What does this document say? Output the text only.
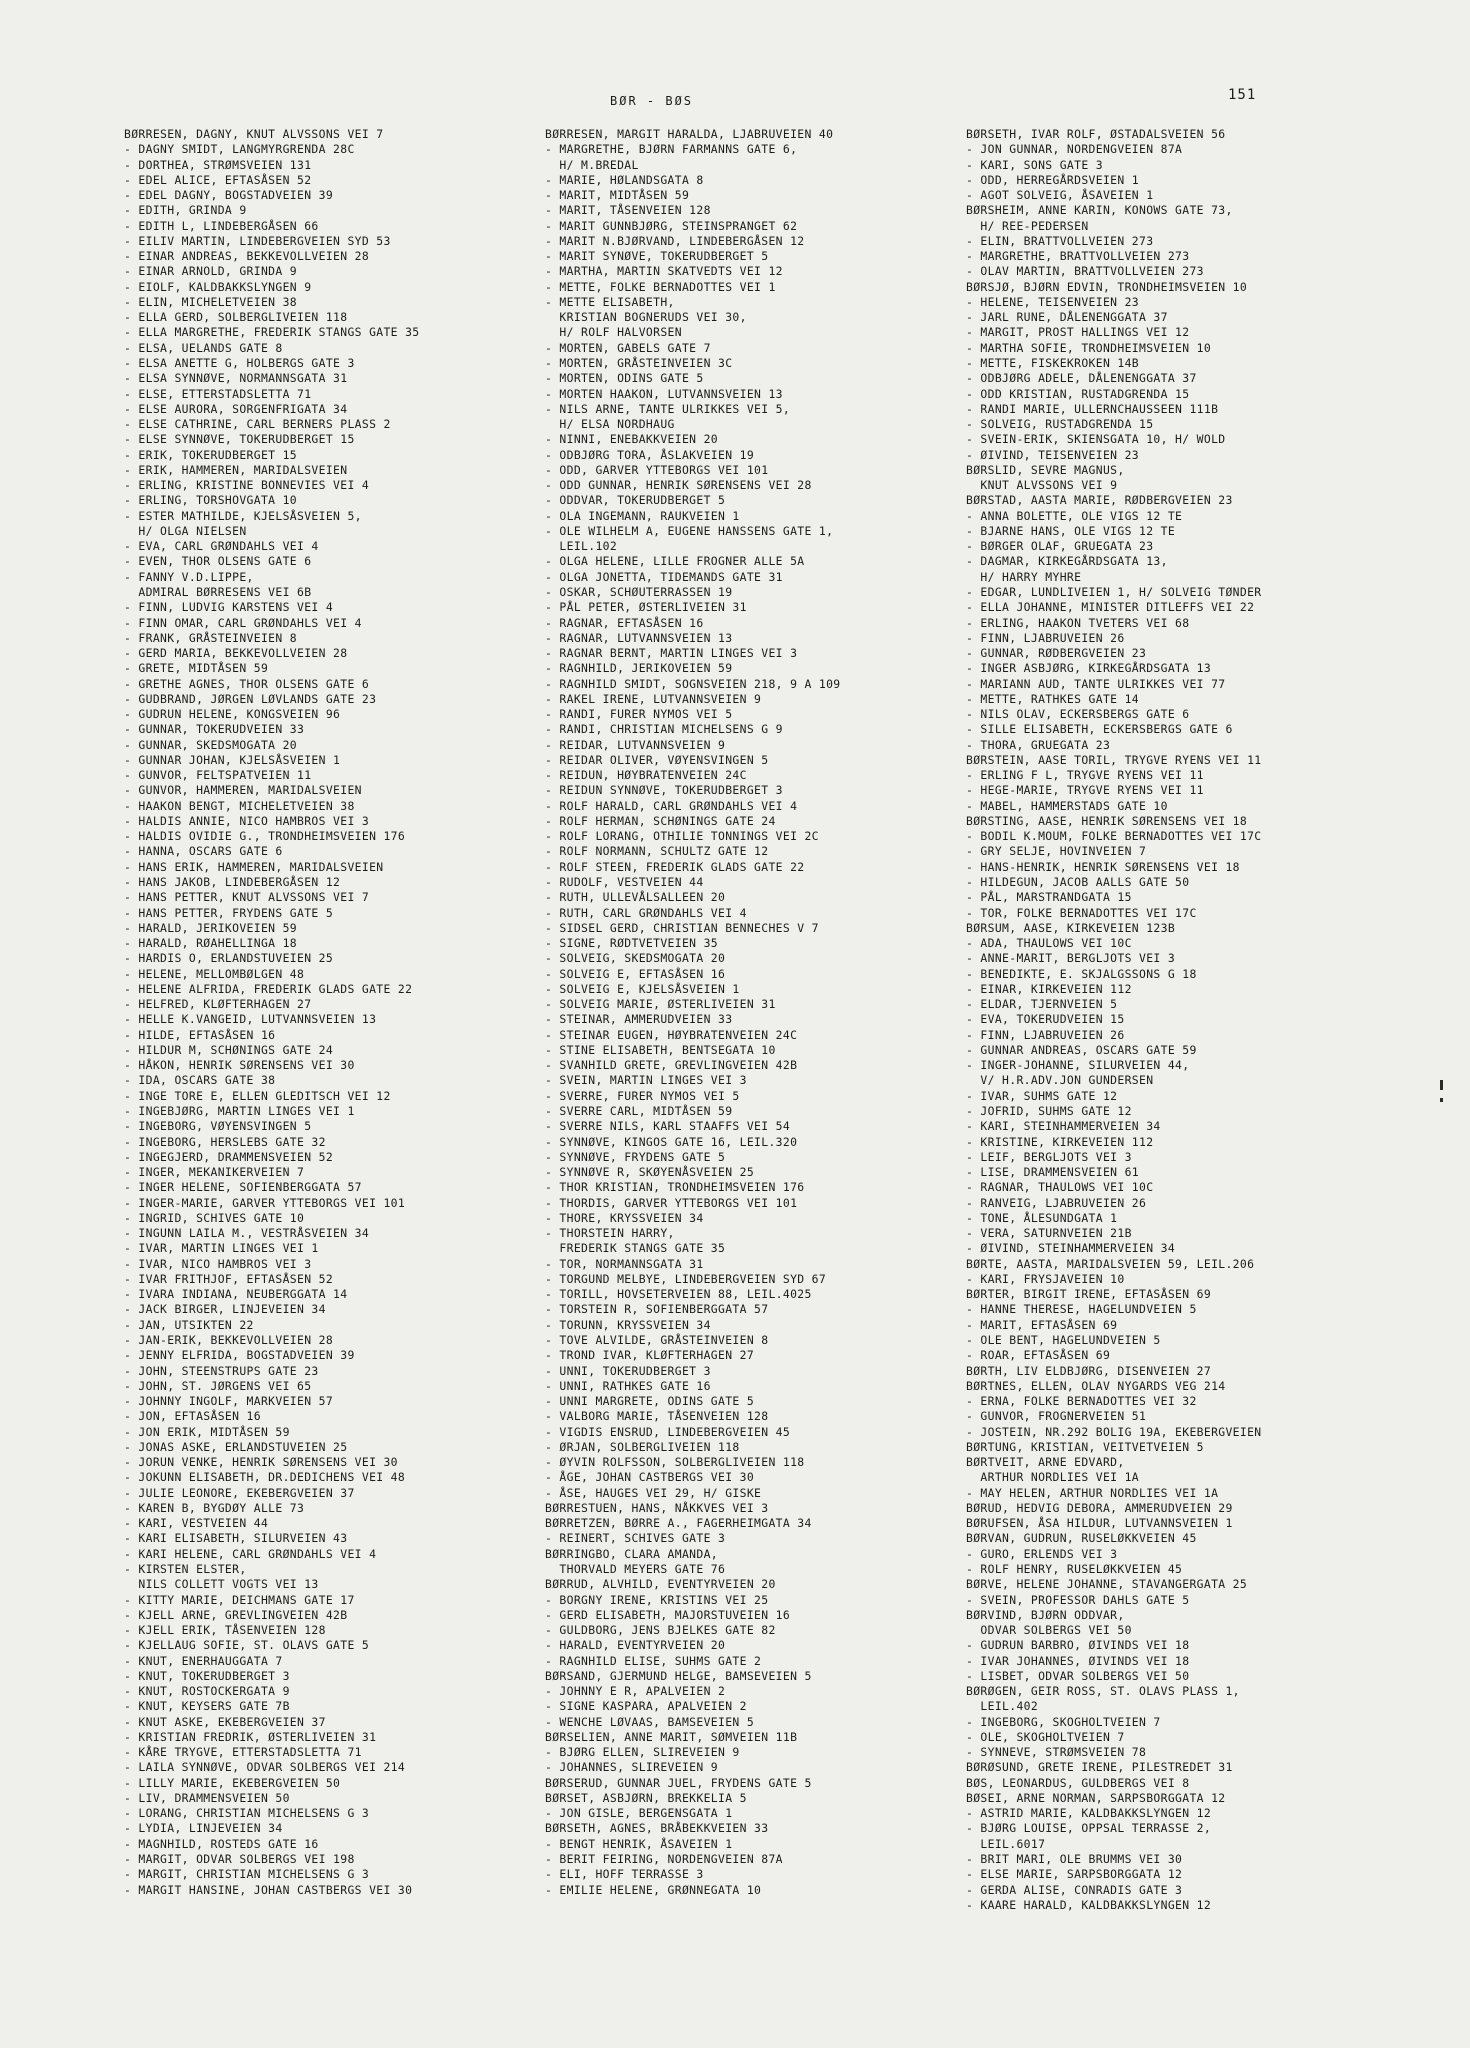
BØR - BØS	151
BØRRESEN, DAGNY, KNUT ALVSSONS VEI 7
- DAGNY SMIDT, LANGMYRGRENDA 28C
- DORTHEA, STRØMSVEIEN 131
- EDEL ALICE, EFTASÅSEN 52
- EDEL DAGNY, BOGSTADVEIEN 39
- EDITH, GRINDA 9
- EDITH L, LINDEBERGÅSEN 66
- EILIV MARTIN, LINDEBERGVEIEN SYD 53
- EINAR ANDREAS, BEKKEVOLLVEIEN 28
- EINAR ARNOLD, GRINDA 9
- EIOLF, KALDBAKKSLYNGEN 9
- ELIN, MICHELETVEIEN 38
- ELLA GERD, SOLBERGLIVEIEN 118
- ELLA MARGRETHE, FREDERIK STANGS GATE 35
- ELSA, UELANDS GATE 8
- ELSA ANETTE G, HOLBERGS GATE 3
- ELSA SYNNØVE, NORMANNSGATA 31
- ELSE, ETTERSTADSLETTA 71
- ELSE AURORA, SORGENFRIGATA 34
- ELSE CATHRINE, CARL BERNERS PLASS 2
- ELSE SYNNØVE, TOKERUDBERGET 15
- ERIK, TOKERUDBERGET 15
- ERIK, HAMMEREN, MARIDALSVEIEN
- ERLING, KRISTINE BONNEVIES VEI 4
- ERLING, TORSHOVGATA 10
- ESTER MATHILDE, KJELSÅSVEIEN 5,
H/ OLGA NIELSEN
- EVA, CARL GRØNDAHLS VEI 4
- EVEN, THOR OLSENS GATE 6
- FANNY V.D.LIPPE,
ADMIRAL BØRRESENS VEI 6B
- FINN, LUDVIG KARSTENS VEI 4
- FINN OMAR, CARL GRØNDAHLS VEI 4
- FRANK, GRÅSTEINVEIEN 8
- GERD MARIA, BEKKEVOLLVEIEN 28
- GRETE, MIDTÅSEN 59
- GRETHE AGNES, THOR OLSENS GATE 6
- GUDBRAND, JØRGEN LØVLANDS GATE 23
- GUDRUN HELENE, KONGSVEIEN 96
- GUNNAR, TOKERUDVEIEN 33
- GUNNAR, SKEDSMOGATA 20
- GUNNAR JOHAN, KJELSÅSVEIEN 1
- GUNVOR, FELTSPATVEIEN 11
- GUNVOR, HAMMEREN, MARIDALSVEIEN
- HAAKON BENGT, MICHELETVEIEN 38
- HALDIS ANNIE, NICO HAMBROS VEI 3
- HALDIS OVIDIE G., TRONDHEIMSVEIEN 176
- HANNA, OSCARS GATE 6
- HANS ERIK, HAMMEREN, MARIDALSVEIEN
- HANS JAKOB, LINDEBERGÅSEN 12
- HANS PETTER, KNUT ALVSSONS VEI 7
- HANS PETTER, FRYDENS GATE 5
- HARALD, JERIKOVEIEN 59
- HARALD, RØAHELLINGA 18
- HARDIS O, ERLANDSTUVEIEN 25
- HELENE, MELLOMBØLGEN 48
- HELENE ALFRIDA, FREDERIK GLADS GATE 22
- HELFRED, KLØFTERHAGEN 27
- HELLE K.VANGEID, LUTVANNSVEIEN 13
- HILDE, EFTASÅSEN 16
- HILDUR M, SCHØNINGS GATE 24
- HÅKON, HENRIK SØRENSENS VEI 30
- IDA, OSCARS GATE 38
- INGE TORE E, ELLEN GLEDITSCH VEI 12
- INGEBJØRG, MARTIN LINGES VEI 1
- INGEBORG, VØYENSVINGEN 5
- INGEBORG, HERSLEBS GATE 32
- INGEGJERD, DRAMMENSVEIEN 52
- INGER, MEKANIKERVEIEN 7
- INGER HELENE, SOFIENBERGGATA 57
- INGER-MARIE, GARVER YTTEBORGS VEI 101
- INGRID, SCHIVES GATE 10
- INGUNN LAILA M., VESTRÅSVEIEN 34
- IVAR, MARTIN LINGES VEI 1
- IVAR, NICO HAMBROS VEI 3
- IVAR FRITHJOF, EFTASÅSEN 52
- IVARA INDIANA, NEUBERGGATA 14
- JACK BIRGER, LINJEVEIEN 34
- JAN, UTSIKTEN 22
- JAN-ERIK, BEKKEVOLLVEIEN 28
- JENNY ELFRIDA, BOGSTADVEIEN 39
- JOHN, STEENSTRUPS GATE 23
- JOHN, ST. JØRGENS VEI 65
- JOHNNY INGOLF, MARKVEIEN 57
- JON, EFTASÅSEN 16
- JON ERIK, MIDTÅSEN 59
- JONAS ASKE, ERLANDSTUVEIEN 25
- JORUN VENKE, HENRIK SØRENSENS VEI 30
- JOKUNN ELISABETH, DR.DEDICHENS VEI 48
- JULIE LEONORE, EKEBERGVEIEN 37
- KAREN B, BYGDØY ALLE 73
- KARI, VESTVEIEN 44
- KARI ELISABETH, SILURVEIEN 43
- KARI HELENE, CARL GRØNDAHLS VEI 4
- KIRSTEN ELSTER,
NILS COLLETT VOGTS VEI 13
- KITTY MARIE, DEICHMANS GATE 17
- KJELL ARNE, GREVLINGVEIEN 42B
- KJELL ERIK, TÅSENVEIEN 128
- KJELLAUG SOFIE, ST. OLAVS GATE 5
- KNUT, ENERHAUGGATA 7
- KNUT, TOKERUDBERGET 3
- KNUT, ROSTOCKERGATA 9
- KNUT, KEYSERS GATE 7B
- KNUT ASKE, EKEBERGVEIEN 37
- KRISTIAN FREDRIK, ØSTERLIVEIEN 31
- KÅRE TRYGVE, ETTERSTADSLETTA 71
- LAILA SYNNØVE, ODVAR SOLBERGS VEI 214
- LILLY MARIE, EKEBERGVEIEN 50
- LIV, DRAMMENSVEIEN 50
- LORANG, CHRISTIAN MICHELSENS G 3
- LYDIA, LINJEVEIEN 34
- MAGNHILD, ROSTEDS GATE 16
- MARGIT, ODVAR SOLBERGS VEI 198
- MARGIT, CHRISTIAN MICHELSENS G 3
- MARGIT HANSINE, JOHAN CASTBERGS VEI 30
BØRRESEN, MARGIT HARALDA, LJABRUVEIEN 40
- MARGRETHE, BJØRN FARMANNS GATE 6,
H/ M.BREDAL
- MARIE, HØLANDSGATA 8
- MARIT, MIDTÅSEN 59
- MARIT, TÅSENVEIEN 128
- MARIT GUNNBJØRG, STEINSPRANGET 62
- MARIT N.BJØRVAND, LINDEBERGÅSEN 12
- MARIT SYNØVE, TOKERUDBERGET 5
- MARTHA, MARTIN SKATVEDTS VEI 12
- METTE, FOLKE BERNADOTTES VEI 1
- METTE ELISABETH,
KRISTIAN BOGNERUDS VEI 30,
H/ ROLF HALVORSEN
- MORTEN, GABELS GATE 7
- MORTEN, GRÅSTEINVEIEN 3C
- MORTEN, ODINS GATE 5
- MORTEN HAAKON, LUTVANNSVEIEN 13
- NILS ARNE, TANTE ULRIKKES VEI 5,
H/ ELSA NORDHAUG
- NINNI, ENEBAKKVEIEN 20
- ODBJØRG TORA, ÅSLAKVEIEN 19
- ODD, GARVER YTTEBORGS VEI 101
- ODD GUNNAR, HENRIK SØRENSENS VEI 28
- ODDVAR, TOKERUDBERGET 5
- OLA INGEMANN, RAUKVEIEN 1
- OLE WILHELM A, EUGENE HANSSENS GATE 1,
LEIL.102
- OLGA HELENE, LILLE FROGNER ALLE 5A
- OLGA JONETTA, TIDEMANDS GATE 31
- OSKAR, SCHØUTERRASSEN 19
- PÅL PETER, ØSTERLIVEIEN 31
- RAGNAR, EFTASÅSEN 16
- RAGNAR, LUTVANNSVEIEN 13
- RAGNAR BERNT, MARTIN LINGES VEI 3
- RAGNHILD, JERIKOVEIEN 59
- RAGNHILD SMIDT, SOGNSVEIEN 218, 9 A 109
- RAKEL IRENE, LUTVANNSVEIEN 9
- RANDI, FURER NYMOS VEI 5
- RANDI, CHRISTIAN MICHELSENS G 9
- REIDAR, LUTVANNSVEIEN 9
- REIDAR OLIVER, VØYENSVINGEN 5
- REIDUN, HØYBRATENVEIEN 24C
- REIDUN SYNNØVE, TOKERUDBERGET 3
- ROLF HARALD, CARL GRØNDAHLS VEI 4
- ROLF HERMAN, SCHØNINGS GATE 24
- ROLF LORANG, OTHILIE TONNINGS VEI 2C
- ROLF NORMANN, SCHULTZ GATE 12
- ROLF STEEN, FREDERIK GLADS GATE 22
- RUDOLF, VESTVEIEN 44
- RUTH, ULLEVÅLSALLEEN 20
- RUTH, CARL GRØNDAHLS VEI 4
- SIDSEL GERD, CHRISTIAN BENNECHES V 7
- SIGNE, RØDTVETVEIEN 35
- SOLVEIG, SKEDSMOGATA 20
- SOLVEIG E, EFTASÅSEN 16
- SOLVEIG E, KJELSÅSVEIEN 1
- SOLVEIG MARIE, ØSTERLIVEIEN 31
- STEINAR, AMMERUDVEIEN 33
- STEINAR EUGEN, HØYBRATENVEIEN 24C
- STINE ELISABETH, BENTSEGATA 10
- SVANHILD GRETE, GREVLINGVEIEN 42B
- SVEIN, MARTIN LINGES VEI 3
- SVERRE, FURER NYMOS VEI 5
- SVERRE CARL, MIDTÅSEN 59
- SVERRE NILS, KARL STAAFFS VEI 54
- SYNNØVE, KINGOS GATE 16, LEIL.320
- SYNNØVE, FRYDENS GATE 5
- SYNNØVE R, SKØYENÅSVEIEN 25
- THOR KRISTIAN, TRONDHEIMSVEIEN 176
- THORDIS, GARVER YTTEBORGS VEI 101
- THORE, KRYSSVEIEN 34
- THORSTEIN HARRY,
FREDERIK STANGS GATE 35
- TOR, NORMANNSGATA 31
- TORGUND MELBYE, LINDEBERGVEIEN SYD 67
- TORILL, HOVSETERVEIEN 88, LEIL.4025
- TORSTEIN R, SOFIENBERGGATA 57
- TORUNN, KRYSSVEIEN 34
- TOVE ALVILDE, GRÅSTEINVEIEN 8
- TROND IVAR, KLØFTERHAGEN 27
- UNNI, TOKERUDBERGET 3
- UNNI, RATHKES GATE 16
- UNNI MARGRETE, ODINS GATE 5
- VALBORG MARIE, TÅSENVEIEN 128
- VIGDIS ENSRUD, LINDEBERGVEIEN 45
- ØRJAN, SOLBERGLIVEIEN 118
- ØYVIN ROLFSSON, SOLBERGLIVEIEN 118
- ÅGE, JOHAN CASTBERGS VEI 30
- ÅSE, HAUGES VEI 29, H/ GISKE
BØRRESTUEN, HANS, NÅKKVES VEI 3
BØRRETZEN, BØRRE A., FAGERHEIMGATA 34
- REINERT, SCHIVES GATE 3
BØRRINGBO, CLARA AMANDA,
THORVALD MEYERS GATE 76
BØRRUD, ALVHILD, EVENTYRVEIEN 20
- BORGNY IRENE, KRISTINS VEI 25
- GERD ELISABETH, MAJORSTUVEIEN 16
- GULDBORG, JENS BJELKES GATE 82
- HARALD, EVENTYRVEIEN 20
- RAGNHILD ELISE, SUHMS GATE 2
BØRSAND, GJERMUND HELGE, BAMSEVEIEN 5
- JOHNNY E R, APALVEIEN 2
- SIGNE KASPARA, APALVEIEN 2
- WENCHE LØVAAS, BAMSEVEIEN 5
BØRSELIEN, ANNE MARIT, SØMVEIEN 11B
- BJØRG ELLEN, SLIREVEIEN 9
- JOHANNES, SLIREVEIEN 9
BØRSERUD, GUNNAR JUEL, FRYDENS GATE 5
BØRSET, ASBJØRN, BREKKELIA 5
- JON GISLE, BERGENSGATA 1
BØRSETH, AGNES, BRÅBEKKVEIEN 33
- BENGT HENRIK, ÅSAVEIEN 1
- BERIT FEIRING, NORDENGVEIEN 87A
- ELI, HOFF TERRASSE 3
- EMILIE HELENE, GRØNNEGATA 10
BØRSETH, IVAR ROLF, ØSTADALSVEIEN 56
- JON GUNNAR, NORDENGVEIEN 87A
- KARI, SONS GATE 3
- ODD, HERREGÅRDSVEIEN 1
- AGOT SOLVEIG, ÅSAVEIEN 1
BØRSHEIM, ANNE KARIN, KONOWS GATE 73,
H/ REE-PEDERSEN
- ELIN, BRATTVOLLVEIEN 273
- MARGRETHE, BRATTVOLLVEIEN 273
- OLAV MARTIN, BRATTVOLLVEIEN 273
BØRSJØ, BJØRN EDVIN, TRONDHEIMSVEIEN 10
- HELENE, TEISENVEIEN 23
- JARL RUNE, DÅLENENGGATA 37
- MARGIT, PROST HALLINGS VEI 12
- MARTHA SOFIE, TRONDHEIMSVEIEN 10
- METTE, FISKEKROKEN 14B
- ODBJØRG ADELE, DÅLENENGGATA 37
- ODD KRISTIAN, RUSTADGRENDA 15
- RANDI MARIE, ULLERNCHAUSSEEN 111B
- SOLVEIG, RUSTADGRENDA 15
- SVEIN-ERIK, SKIENSGATA 10, H/ WOLD
- ØIVIND, TEISENVEIEN 23
BØRSLID, SEVRE MAGNUS,
KNUT ALVSSONS VEI 9
BØRSTAD, AASTA MARIE, RØDBERGVEIEN 23
- ANNA BOLETTE, OLE VIGS 12 TE
- BJARNE HANS, OLE VIGS 12 TE
- BØRGER OLAF, GRUEGATA 23
- DAGMAR, KIRKEGÅRDSGATA 13,
H/ HARRY MYHRE
- EDGAR, LUNDLIVEIEN 1, H/ SOLVEIG TØNDER
- ELLA JOHANNE, MINISTER DITLEFFS VEI 22
- ERLING, HAAKON TVETERS VEI 68
- FINN, LJABRUVEIEN 26
- GUNNAR, RØDBERGVEIEN 23
- INGER ASBJØRG, KIRKEGÅRDSGATA 13
- MARIANN AUD, TANTE ULRIKKES VEI 77
- METTE, RATHKES GATE 14
- NILS OLAV, ECKERSBERGS GATE 6
- SILLE ELISABETH, ECKERSBERGS GATE 6
- THORA, GRUEGATA 23
BØRSTEIN, AASE TORIL, TRYGVE RYENS VEI 11
- ERLING F L, TRYGVE RYENS VEI 11
- HEGE-MARIE, TRYGVE RYENS VEI 11
- MABEL, HAMMERSTADS GATE 10
BØRSTING, AASE, HENRIK SØRENSENS VEI 18
- BODIL K.MOUM, FOLKE BERNADOTTES VEI 17C
- GRY SELJE, HOVINVEIEN 7
- HANS-HENRIK, HENRIK SØRENSENS VEI 18
- HILDEGUN, JACOB AALLS GATE 50
- PÅL, MARSTRANDGATA 15
- TOR, FOLKE BERNADOTTES VEI 17C
BØRSUM, AASE, KIRKEVEIEN 123B
- ADA, THAULOWS VEI 10C
- ANNE-MARIT, BERGLJOTS VEI 3
- BENEDIKTE, E. SKJALGSSONS G 18
- EINAR, KIRKEVEIEN 112
- ELDAR, TJERNVEIEN 5
- EVA, TOKERUDVEIEN 15
- FINN, LJABRUVEIEN 26
- GUNNAR ANDREAS, OSCARS GATE 59
- INGER-JOHANNE, SILURVEIEN 44,
V/ H.R.ADV.JON GUNDERSEN
- IVAR, SUHMS GATE 12
- JOFRID, SUHMS GATE 12
- KARI, STEINHAMMERVEIEN 34
- KRISTINE, KIRKEVEIEN 112
- LEIF, BERGLJOTS VEI 3
- LISE, DRAMMENSVEIEN 61
- RAGNAR, THAULOWS VEI 10C
- RANVEIG, LJABRUVEIEN 26
- TONE, ÅLESUNDGATA 1
- VERA, SATURNVEIEN 21B
- ØIVIND, STEINHAMMERVEIEN 34
BØRTE, AASTA, MARIDALSVEIEN 59, LEIL.206
- KARI, FRYSJAVEIEN 10
BØRTER, BIRGIT IRENE, EFTASÅSEN 69
- HANNE THERESE, HAGELUNDVEIEN 5
- MARIT, EFTASÅSEN 69
- OLE BENT, HAGELUNDVEIEN 5
- ROAR, EFTASÅSEN 69
BØRTH, LIV ELDBJØRG, DISENVEIEN 27
BØRTNES, ELLEN, OLAV NYGARDS VEG 214
- ERNA, FOLKE BERNADOTTES VEI 32
- GUNVOR, FROGNERVEIEN 51
- JOSTEIN, NR.292 BOLIG 19A, EKEBERGVEIEN
BØRTUNG, KRISTIAN, VEITVETVEIEN 5
BØRTVEIT, ARNE EDVARD,
ARTHUR NORDLIES VEI 1A
- MAY HELEN, ARTHUR NORDLIES VEI 1A
BØRUD, HEDVIG DEBORA, AMMERUDVEIEN 29
BØRUFSEN, ÅSA HILDUR, LUTVANNSVEIEN 1
BØRVAN, GUDRUN, RUSELØKKVEIEN 45
- GURO, ERLENDS VEI 3
- ROLF HENRY, RUSELØKKVEIEN 45
BØRVE, HELENE JOHANNE, STAVANGERGATA 25
- SVEIN, PROFESSOR DAHLS GATE 5
BØRVIND, BJØRN ODDVAR,
ODVAR SOLBERGS VEI 50
- GUDRUN BARBRO, ØIVINDS VEI 18
- IVAR JOHANNES, ØIVINDS VEI 18
- LISBET, ODVAR SOLBERGS VEI 50
BØRØGEN, GEIR ROSS, ST. OLAVS PLASS 1,
LEIL.402
- INGEBORG, SKOGHOLTVEIEN 7
- OLE, SKOGHOLTVEIEN 7
- SYNNEVE, STRØMSVEIEN 78
BØRØSUND, GRETE IRENE, PILESTREDET 31
BØS, LEONARDUS, GULDBERGS VEI 8
BØSEI, ARNE NORMAN, SARPSBORGGATA 12
- ASTRID MARIE, KALDBAKKSLYNGEN 12
- BJØRG LOUISE, OPPSAL TERRASSE 2,
LEIL.6017
- BRIT MARI, OLE BRUMMS VEI 30
- ELSE MARIE, SARPSBORGGATA 12
- GERDA ALISE, CONRADIS GATE 3
- KAARE HARALD, KALDBAKKSLYNGEN 12
